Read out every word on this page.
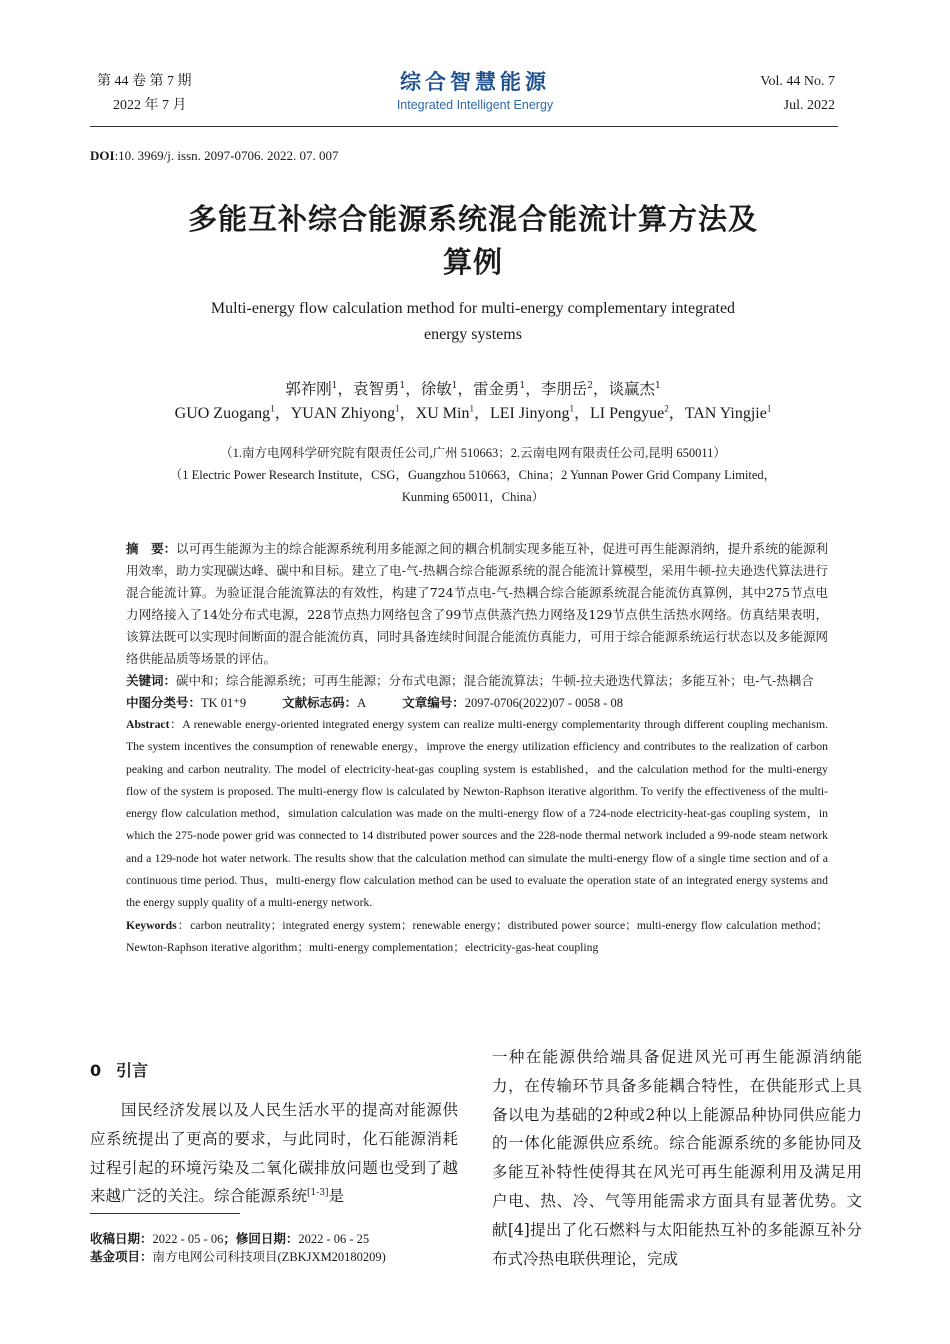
第 44 卷 第 7 期
2022 年 7 月
综合智慧能源
Integrated Intelligent Energy
Vol. 44 No. 7
Jul. 2022
DOI:10. 3969/j. issn. 2097-0706. 2022. 07. 007
多能互补综合能源系统混合能流计算方法及
算例
Multi-energy flow calculation method for multi-energy complementary integrated
energy systems
郭祚刚$^1$，袁智勇$^1$，徐敏$^1$，雷金勇$^1$，李朋岳$^2$，谈赢杰$^1$
GUO Zuogang$^1$，YUAN Zhiyong$^1$，XU Min$^1$，LEI Jinyong$^1$，LI Pengyue$^2$，TAN Yingjie$^1$
（1.南方电网科学研究院有限责任公司,广州 510663；2.云南电网有限责任公司,昆明 650011）
（1 Electric Power Research Institute，CSG，Guangzhou 510663，China；2 Yunnan Power Grid Company Limited，
Kunming 650011，China）

摘　要：以可再生能源为主的综合能源系统利用多能源之间的耦合机制实现多能互补，促进可再生能源消纳，提升系统的能源利用效率，助力实现碳达峰、碳中和目标。建立了电-气-热耦合综合能源系统的混合能流计算模型，采用牛顿-拉夫逊迭代算法进行混合能流计算。为验证混合能流算法的有效性，构建了724节点电-气-热耦合综合能源系统混合能流仿真算例，其中275节点电力网络接入了14处分布式电源，228节点热力网络包含了99节点供蒸汽热力网络及129节点供生活热水网络。仿真结果表明，该算法既可以实现时间断面的混合能流仿真，同时具备连续时间混合能流仿真能力，可用于综合能源系统运行状态以及多能源网络供能品质等场景的评估。

关键词：碳中和；综合能源系统；可再生能源；分布式电源；混合能流算法；牛顿-拉夫逊迭代算法；多能互补；电-气-热耦合

中图分类号：TK 01⁺9	文献标志码：A	文章编号：2097-0706(2022)07 - 0058 - 08

Abstract：A renewable energy-oriented integrated energy system can realize multi-energy complementarity through different coupling mechanism. The system incentives the consumption of renewable energy，improve the energy utilization efficiency and contributes to the realization of carbon peaking and carbon neutrality. The model of electricity-heat-gas coupling system is established，and the calculation method for the multi-energy flow of the system is proposed. The multi-energy flow is calculated by Newton-Raphson iterative algorithm. To verify the effectiveness of the multi-energy flow calculation method，simulation calculation was made on the multi-energy flow of a 724-node electricity-heat-gas coupling system，in which the 275-node power grid was connected to 14 distributed power sources and the 228-node thermal network included a 99-node steam network and a 129-node hot water network. The results show that the calculation method can simulate the multi-energy flow of a single time section and of a continuous time period. Thus，multi-energy flow calculation method can be used to evaluate the operation state of an integrated energy systems and the energy supply quality of a multi-energy network.

Keywords：carbon neutrality；integrated energy system；renewable energy；distributed power source；multi-energy flow calculation method；Newton-Raphson iterative algorithm；multi-energy complementation；electricity-gas-heat coupling

0 引言
国民经济发展以及人民生活水平的提高对能源供应系统提出了更高的要求，与此同时，化石能源消耗过程引起的环境污染及二氧化碳排放问题也受到了越来越广泛的关注。综合能源系统[1-3]是
收稿日期：2022 - 05 - 06；修回日期：2022 - 06 - 25
基金项目：南方电网公司科技项目(ZBKJXM20180209)
一种在能源供给端具备促进风光可再生能源消纳能力，在传输环节具备多能耦合特性，在供能形式上具备以电为基础的2种或2种以上能源品种协同供应能力的一体化能源供应系统。综合能源系统的多能协同及多能互补特性使得其在风光可再生能源利用及满足用户电、热、冷、气等用能需求方面具有显著优势。文献[4]提出了化石燃料与太阳能热互补的多能源互补分布式冷热电联供理论，完成
